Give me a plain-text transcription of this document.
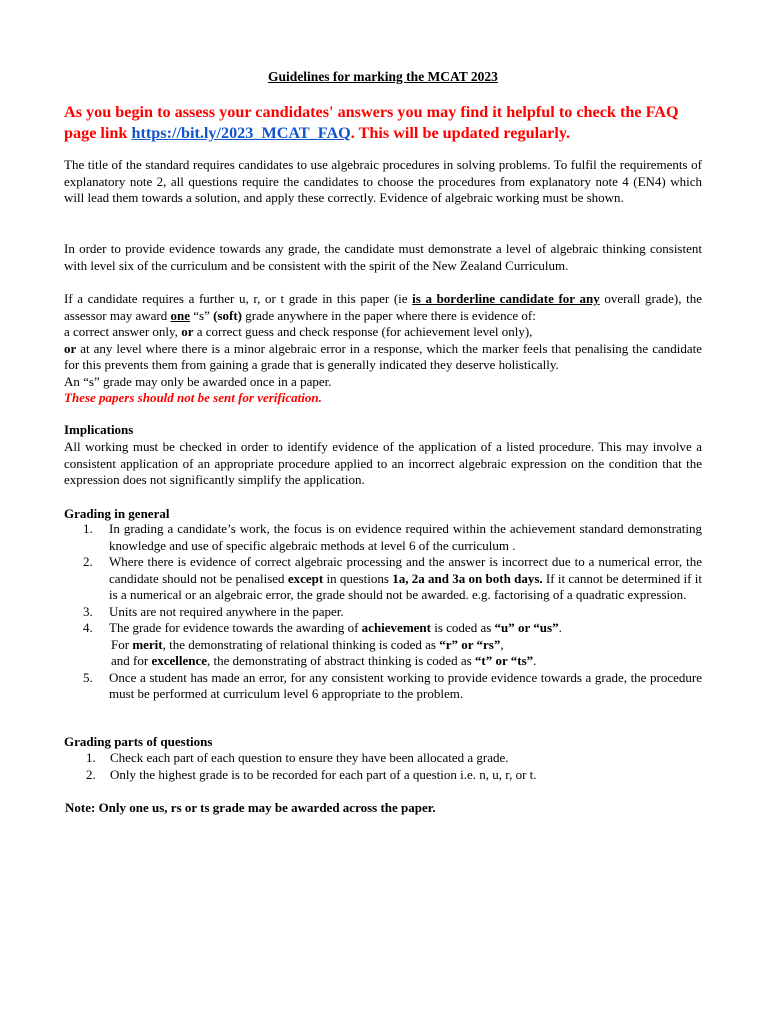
Guidelines for marking the MCAT 2023
As you begin to assess your candidates' answers you may find it helpful to check the FAQ page link https://bit.ly/2023_MCAT_FAQ. This will be updated regularly.
The title of the standard requires candidates to use algebraic procedures in solving problems. To fulfil the requirements of explanatory note 2, all questions require the candidates to choose the procedures from explanatory note 4 (EN4) which will lead them towards a solution, and apply these correctly. Evidence of algebraic working must be shown.
In order to provide evidence towards any grade, the candidate must demonstrate a level of algebraic thinking consistent with level six of the curriculum and be consistent with the spirit of the New Zealand Curriculum.
If a candidate requires a further u, r, or t grade in this paper (ie is a borderline candidate for any overall grade), the assessor may award one “s” (soft) grade anywhere in the paper where there is evidence of:
a correct answer only, or a correct guess and check response (for achievement level only),
or at any level where there is a minor algebraic error in a response, which the marker feels that penalising the candidate for this prevents them from gaining a grade that is generally indicated they deserve holistically.
An “s” grade may only be awarded once in a paper.
These papers should not be sent for verification.
Implications
All working must be checked in order to identify evidence of the application of a listed procedure. This may involve a consistent application of an appropriate procedure applied to an incorrect algebraic expression on the condition that the expression does not significantly simplify the application.
Grading in general
1. In grading a candidate’s work, the focus is on evidence required within the achievement standard demonstrating knowledge and use of specific algebraic methods at level 6 of the curriculum .
2. Where there is evidence of correct algebraic processing and the answer is incorrect due to a numerical error, the candidate should not be penalised except in questions 1a, 2a and 3a on both days. If it cannot be determined if it is a numerical or an algebraic error, the grade should not be awarded. e.g. factorising of a quadratic expression.
3. Units are not required anywhere in the paper.
4. The grade for evidence towards the awarding of achievement is coded as “u” or “us”.
For merit, the demonstrating of relational thinking is coded as “r” or “rs”,
and for excellence, the demonstrating of abstract thinking is coded as “t” or “ts”.
5. Once a student has made an error, for any consistent working to provide evidence towards a grade, the procedure must be performed at curriculum level 6 appropriate to the problem.
Grading parts of questions
1. Check each part of each question to ensure they have been allocated a grade.
2. Only the highest grade is to be recorded for each part of a question i.e. n, u, r, or t.
Note: Only one us, rs or ts grade may be awarded across the paper.
